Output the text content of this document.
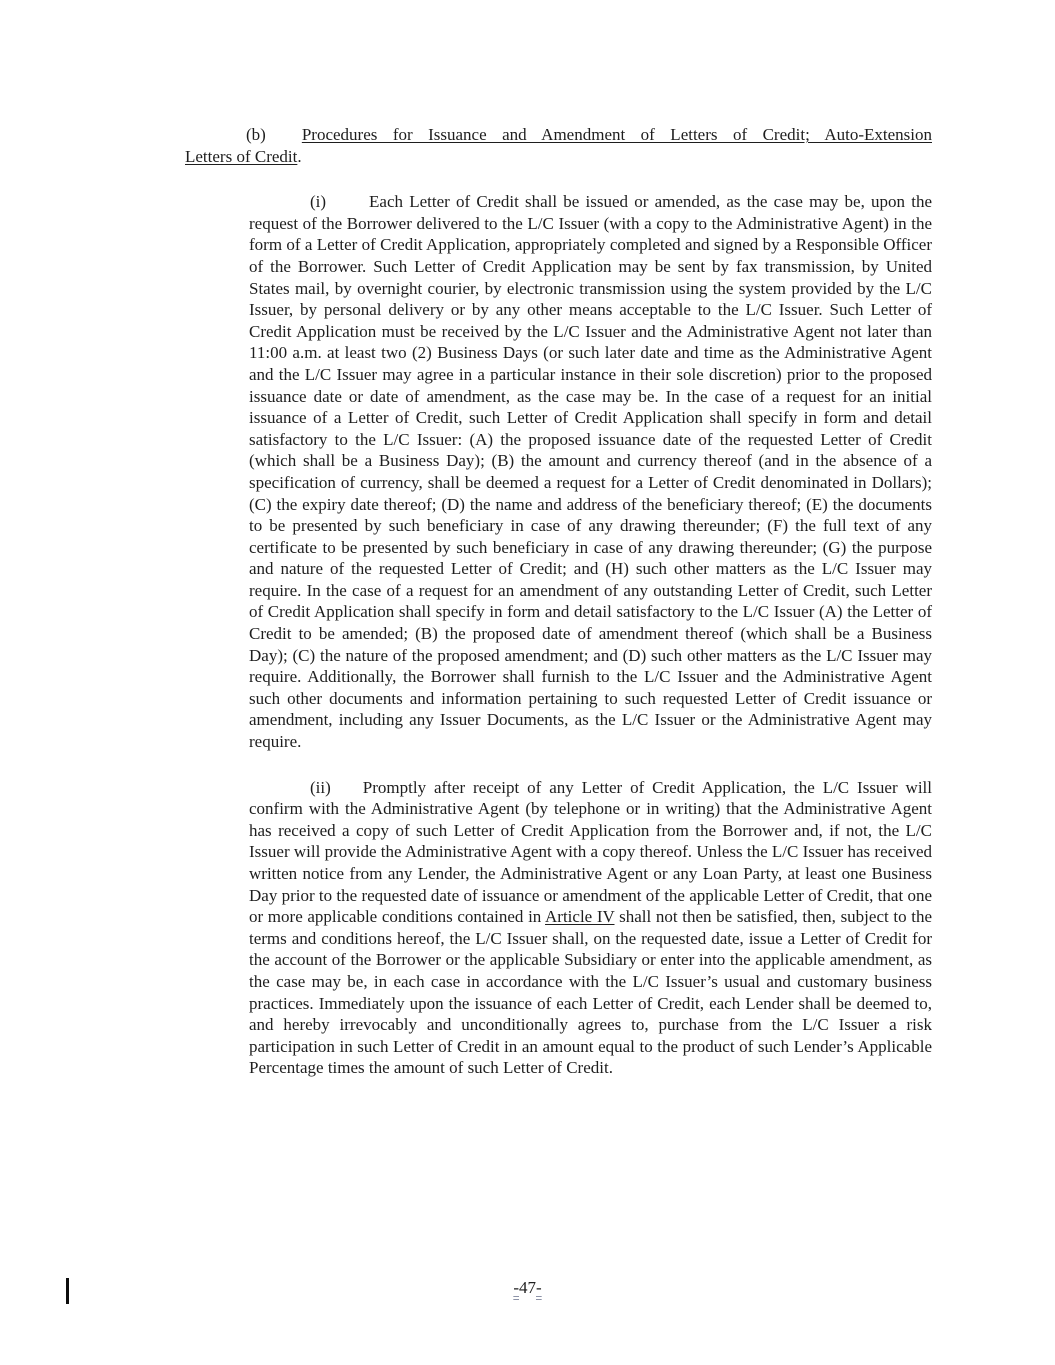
(b) Procedures for Issuance and Amendment of Letters of Credit; Auto-Extension
Letters of Credit.

(i)	Each Letter of Credit shall be issued or amended, as the case may be, upon the request of the Borrower delivered to the L/C Issuer (with a copy to the Administrative Agent) in the form of a Letter of Credit Application, appropriately completed and signed by a Responsible Officer of the Borrower. Such Letter of Credit Application may be sent by fax transmission, by United States mail, by overnight courier, by electronic transmission using the system provided by the L/C Issuer, by personal delivery or by any other means acceptable to the L/C Issuer. Such Letter of Credit Application must be received by the L/C Issuer and the Administrative Agent not later than 11:00 a.m. at least two (2) Business Days (or such later date and time as the Administrative Agent and the L/C Issuer may agree in a particular instance in their sole discretion) prior to the proposed issuance date or date of amendment, as the case may be. In the case of a request for an initial issuance of a Letter of Credit, such Letter of Credit Application shall specify in form and detail satisfactory to the L/C Issuer: (A) the proposed issuance date of the requested Letter of Credit (which shall be a Business Day); (B) the amount and currency thereof (and in the absence of a specification of currency, shall be deemed a request for a Letter of Credit denominated in Dollars); (C) the expiry date thereof; (D) the name and address of the beneficiary thereof; (E) the documents to be presented by such beneficiary in case of any drawing thereunder; (F) the full text of any certificate to be presented by such beneficiary in case of any drawing thereunder; (G) the purpose and nature of the requested Letter of Credit; and (H) such other matters as the L/C Issuer may require. In the case of a request for an amendment of any outstanding Letter of Credit, such Letter of Credit Application shall specify in form and detail satisfactory to the L/C Issuer (A) the Letter of Credit to be amended; (B) the proposed date of amendment thereof (which shall be a Business Day); (C) the nature of the proposed amendment; and (D) such other matters as the L/C Issuer may require. Additionally, the Borrower shall furnish to the L/C Issuer and the Administrative Agent such other documents and information pertaining to such requested Letter of Credit issuance or amendment, including any Issuer Documents, as the L/C Issuer or the Administrative Agent may require.

(ii) Promptly after receipt of any Letter of Credit Application, the L/C Issuer will confirm with the Administrative Agent (by telephone or in writing) that the Administrative Agent has received a copy of such Letter of Credit Application from the Borrower and, if not, the L/C Issuer will provide the Administrative Agent with a copy thereof. Unless the L/C Issuer has received written notice from any Lender, the Administrative Agent or any Loan Party, at least one Business Day prior to the requested date of issuance or amendment of the applicable Letter of Credit, that one or more applicable conditions contained in Article IV shall not then be satisfied, then, subject to the terms and conditions hereof, the L/C Issuer shall, on the requested date, issue a Letter of Credit for the account of the Borrower or the applicable Subsidiary or enter into the applicable amendment, as the case may be, in each case in accordance with the L/C Issuer’s usual and customary business practices. Immediately upon the issuance of each Letter of Credit, each Lender shall be deemed to, and hereby irrevocably and unconditionally agrees to, purchase from the L/C Issuer a risk participation in such Letter of Credit in an amount equal to the product of such Lender’s Applicable Percentage times the amount of such Letter of Credit.

-47-
